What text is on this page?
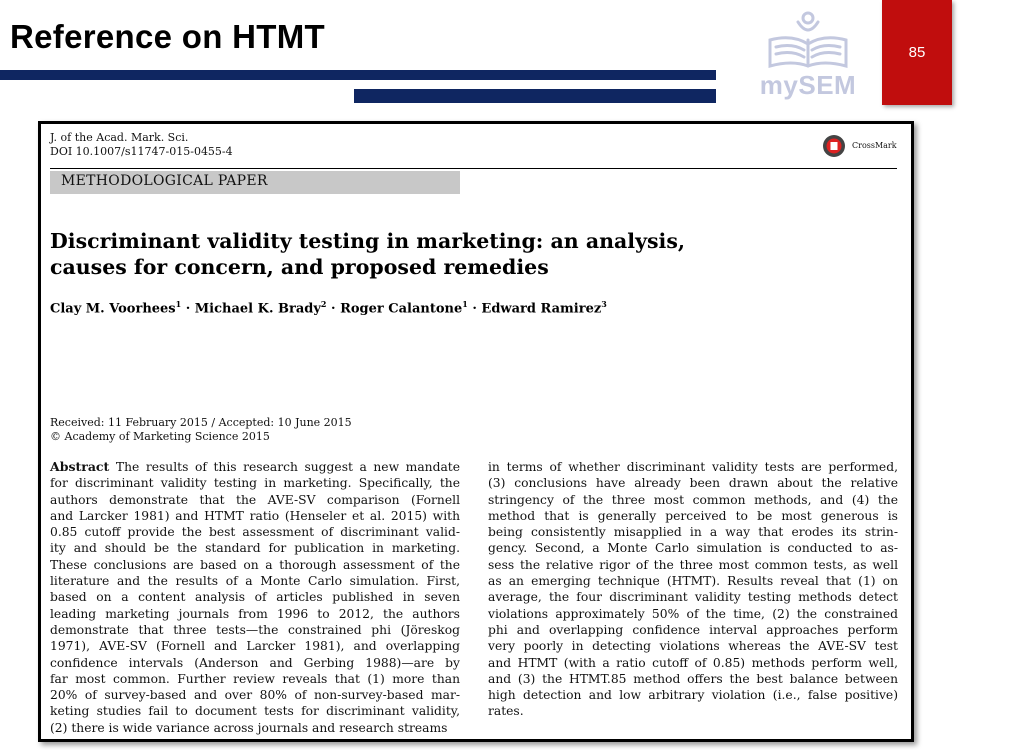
Reference on HTMT
mySEM
85
J. of the Acad. Mark. Sci.
DOI 10.1007/s11747-015-0455-4	CrossMark
METHODOLOGICAL PAPER
Discriminant validity testing in marketing: an analysis,
causes for concern, and proposed remedies
Clay M. Voorhees$^1$ · Michael K. Brady$^2$ · Roger Calantone$^1$ · Edward Ramirez$^3$
Received: 11 February 2015 / Accepted: 10 June 2015
© Academy of Marketing Science 2015
Abstract The results of this research suggest a new mandate
for discriminant validity testing in marketing. Specifically, the
authors demonstrate that the AVE-SV comparison (Fornell
and Larcker 1981) and HTMT ratio (Henseler et al. 2015) with
0.85 cutoff provide the best assessment of discriminant valid-
ity and should be the standard for publication in marketing.
These conclusions are based on a thorough assessment of the
literature and the results of a Monte Carlo simulation. First,
based on a content analysis of articles published in seven
leading marketing journals from 1996 to 2012, the authors
demonstrate that three tests—the constrained phi (Jöreskog
1971), AVE-SV (Fornell and Larcker 1981), and overlapping
confidence intervals (Anderson and Gerbing 1988)—are by
far most common. Further review reveals that (1) more than
20% of survey-based and over 80% of non-survey-based mar-
keting studies fail to document tests for discriminant validity,
(2) there is wide variance across journals and research streams
in terms of whether discriminant validity tests are performed,
(3) conclusions have already been drawn about the relative
stringency of the three most common methods, and (4) the
method that is generally perceived to be most generous is
being consistently misapplied in a way that erodes its strin-
gency. Second, a Monte Carlo simulation is conducted to as-
sess the relative rigor of the three most common tests, as well
as an emerging technique (HTMT). Results reveal that (1) on
average, the four discriminant validity testing methods detect
violations approximately 50% of the time, (2) the constrained
phi and overlapping confidence interval approaches perform
very poorly in detecting violations whereas the AVE-SV test
and HTMT (with a ratio cutoff of 0.85) methods perform well,
and (3) the HTMT.85 method offers the best balance between
high detection and low arbitrary violation (i.e., false positive)
rates.
